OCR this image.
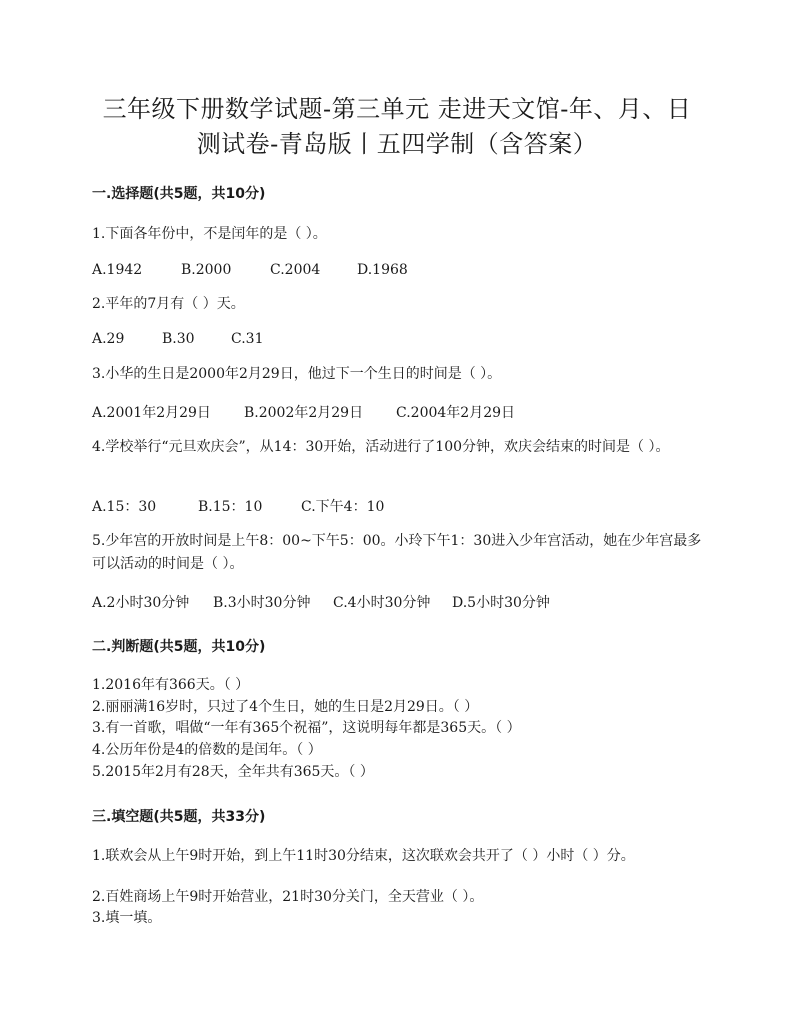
三年级下册数学试题-第三单元 走进天文馆-年、月、日
测试卷-青岛版丨五四学制（含答案）
一.选择题(共5题，共10分)
1.下面各年份中，不是闰年的是（ ）。
A.1942	B.2000	C.2004	D.1968
2.平年的7月有（ ）天。
A.29	B.30	C.31
3.小华的生日是2000年2月29日，他过下一个生日的时间是（ ）。
A.2001年2月29日 B.2002年2月29日 C.2004年2月29日
4.学校举行“元旦欢庆会”，从14：30开始，活动进行了100分钟，欢庆会结束的时间是（ ）。
A.15：30	B.15：10	C.下午4：10
5.少年宫的开放时间是上午8：00~下午5：00。小玲下午1：30进入少年宫活动，她在少年宫最多可以活动的时间是（ ）。
A.2小时30分钟 B.3小时30分钟 C.4小时30分钟 D.5小时30分钟
二.判断题(共5题，共10分)
1.2016年有366天。（ ）
2.丽丽满16岁时，只过了4个生日，她的生日是2月29日。（ ）
3.有一首歌，唱做“一年有365个祝福”，这说明每年都是365天。（ ）
4.公历年份是4的倍数的是闰年。（ ）
5.2015年2月有28天，全年共有365天。（ ）
三.填空题(共5题，共33分)
1.联欢会从上午9时开始，到上午11时30分结束，这次联欢会共开了（ ）小时（ ）分。
2.百姓商场上午9时开始营业，21时30分关门，全天营业（ ）。
3.填一填。
